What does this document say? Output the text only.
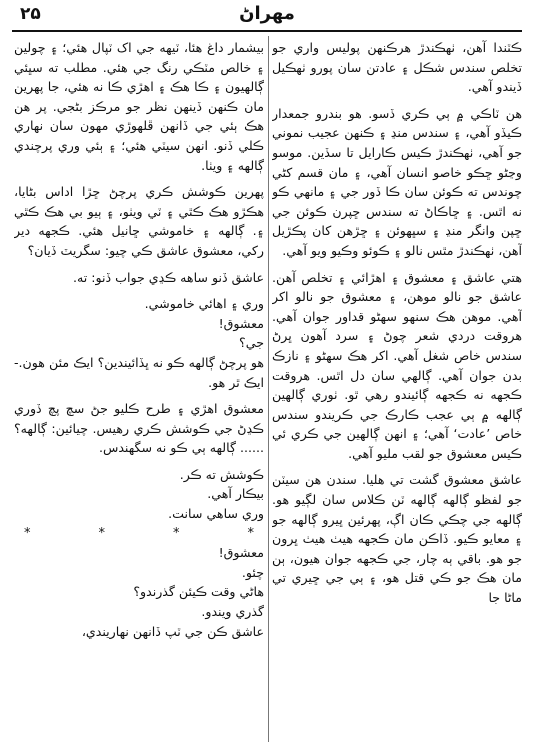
۲۵	مهراڻ

ڪٽندا آهن، ٺهڪندڙ هرڪنهن پوليس واري جو تخلص سندس شڪل ۽ عادتن سان پورو ٺهڪيل ڏيندو آهي.

هن ٽاڪي ۾ ٻي ڪري ڏسو. هو بندرو جمعدار ڪيڏو آهي، ۽ سندس منڍ ۽ ڪنهن عجيب نموني جو آهي، ٺهڪندڙ ڪيس ڪارايل تا سڏين. موسو وڃڻو ڇڪو خاصو انسان آهي، ۽ مان قسم کڻي چوندس ته ڪوئن سان ڪا ڏور جي ۽ مانهي ڪو نه اٿس. ۽ ڇاڪاڻ ته سندس ڇپرن ڪوئن جي ڇپن وانگر منڍ ۽ سڀهوئن ۽ ڇڙهن کان پڪڙيل آهن، ٺهڪندڙ مٿس نالو ۽ ڪوئو وڪيو ويو آهي.

هتي عاشق ۽ معشوق ۽ اهڙائي ۽ تخلص آهن. عاشق جو نالو موهن، ۽ معشوق جو نالو اکر آهي. موهن هڪ سنهو سهڻو قداور جوان آهي. هروقت دردي شعر چوڻ ۽ سرد آهون ڀرڻ سندس خاص شغل آهي. اکر هڪ سهڻو ۽ نازڪ بدن جوان آهي. ڳالهي سان دل اٿس. هروقت ڪجهه نه ڪجهه ڳائيندو رهي ٿو. ٺوري ڳالهين ڳالهه ۾ ٻي عجب ڪارڪ جي ڪريندو سندس خاص ’عادت‘ آهي؛ ۽ انهن ڳالهين جي ڪري ئي ڪيس معشوق جو لقب مليو آهي.

عاشق معشوق گشت تي هليا. سندن هن سيٽن جو لفظو ڳالهه ڳالهه ٽن ڪلاس سان لڳيو هو. ڳالهه جي چڪي ڪان اڳ، پهرئين ڀيرو ڳالهه جو ۽ معايو ڪيو. ڏاڪن مان ڪجهه هيٺ هيٺ ڀرون جو هو. باقي ٻه چار، جي ڪجهه جوان هيون، ٻن مان هڪ جو ڪي قتل هو، ۽ ٻي جي ڇيري تي ماڻا جا

بيشمار داغ هئا، ٽيهه جي اک ٽپال هئي؛ ۽ چولين ۽ خالص مٽڪي رنگ جي هئي. مطلب ته سڀئي ڳالهيون ۽ ڪا هڪ ۽ اهڙي ڪا نه هئي، جا پهرين مان ڪنهن ڏينهن نظر جو مرڪز بڻجي. پر هن هڪ ٻئي جي ڏانهن ڦلهوڙي مهون سان نهاري ڪلي ڏنو. انهن سيٽي هئي؛ ۽ ٻئي وري پرچندي ڳالهه ۽ ويٺا.

پهرين ڪوشش ڪري پرچڻ ڇڙا اداس بڻايا، هڪڙو هڪ ڪٿي ۽ ٽي ويٺو، ۽ ٻيو بي هڪ ڪٿي ۽. ڳالهه ۽ خاموشي ڇانيل هئي. ڪجهه دير رکي، معشوق عاشق ڪي چيو: سگريٽ ڏيان؟

عاشق ڏنو ساهه ڪڍي جواب ڏنو: ته.

وري ۽ اهائي خاموشي.

معشوق!

جي؟

هو پرچڻ ڳالهه ڪو نه ڀڏائيندين؟ ايڪ مئن هون.- ايڪ ٿر هو.

معشوق اهڙي ۽ طرح ڪليو جڻ سچ پچ ڏوري ڪڍڻ جي ڪوشش ڪري رهيس. چيائين: ڳالهه؟ ...... ڳالهه ٻي ڪو نه سگهندس.

ڪوشش ته ڪر.

بيڪار آهي.

وري ساهي سانت.

*	*	*	*

معشوق!

چئو.

هاڻي وقت ڪيئن گذرندو؟

گذري ويندو.

عاشق ڪن جي ٽپ ڏانهن نهاريندي،
